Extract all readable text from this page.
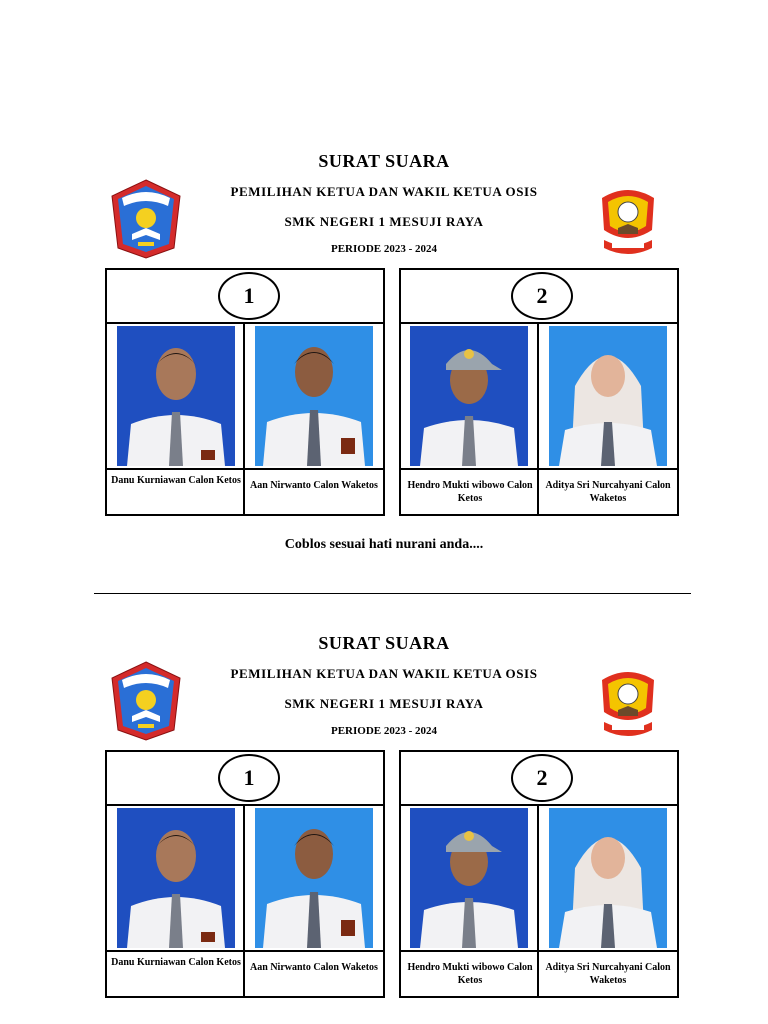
SURAT SUARA
PEMILIHAN KETUA DAN WAKIL KETUA OSIS
SMK NEGERI 1 MESUJI RAYA
PERIODE 2023 - 2024
1
Danu Kurniawan Calon Ketos Aan Nirwanto Calon Waketos
2
Hendro Mukti wibowo Calon Ketos
Aditya Sri Nurcahyani Calon Waketos
Coblos sesuai hati nurani anda....
SURAT SUARA
PEMILIHAN KETUA DAN WAKIL KETUA OSIS
SMK NEGERI 1 MESUJI RAYA
PERIODE 2023 - 2024
1
Danu Kurniawan Calon Ketos Aan Nirwanto Calon Waketos
2
Hendro Mukti wibowo Calon Ketos
Aditya Sri Nurcahyani Calon Waketos
